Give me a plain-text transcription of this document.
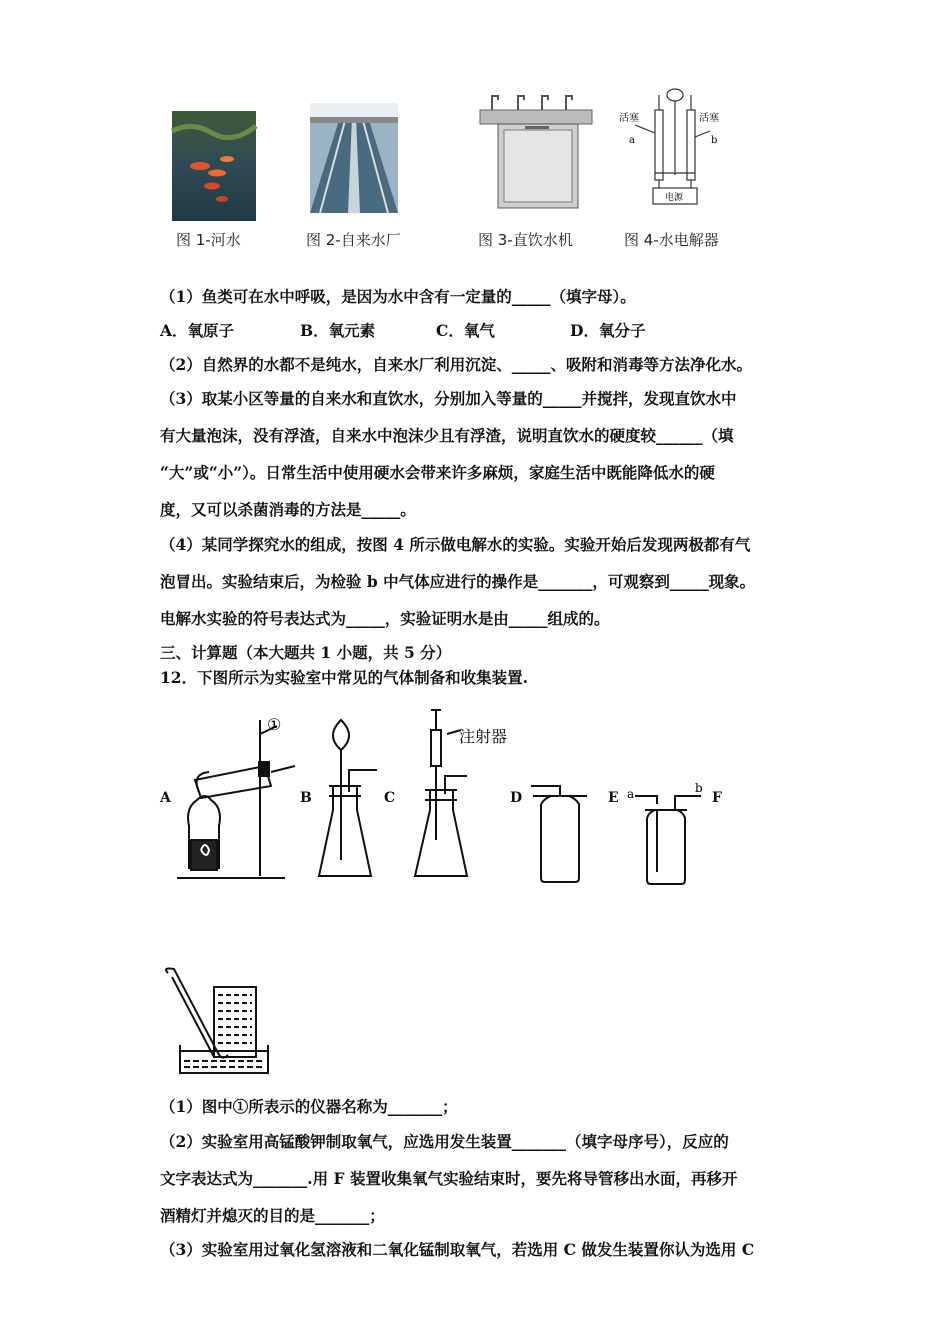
活塞	活塞
a	b
电源
图 1-河水	图 2-自来水厂	图 3-直饮水机	图 4-水电解器
（1）鱼类可在水中呼吸，是因为水中含有一定量的_____（填字母）。
A．氧原子	B．氧元素	C．氧气	D．氧分子
（2）自然界的水都不是纯水，自来水厂利用沉淀、_____、吸附和消毒等方法净化水。
（3）取某小区等量的自来水和直饮水，分别加入等量的_____并搅拌，发现直饮水中
有大量泡沫，没有浮渣，自来水中泡沫少且有浮渣，说明直饮水的硬度较______（填
“大”或“小”）。日常生活中使用硬水会带来许多麻烦，家庭生活中既能降低水的硬
度，又可以杀菌消毒的方法是_____。
（4）某同学探究水的组成，按图 4 所示做电解水的实验。实验开始后发现两极都有气
泡冒出。实验结束后，为检验 b 中气体应进行的操作是_______，可观察到_____现象。
电解水实验的符号表达式为_____，实验证明水是由_____组成的。
三、计算题（本大题共 1 小题，共 5 分）
12．下图所示为实验室中常见的气体制备和收集装置.
①
注射器
a	b
A	B	C	D	E	F
（1）图中①所表示的仪器名称为_______；
（2）实验室用高锰酸钾制取氧气，应选用发生装置_______（填字母序号），反应的
文字表达式为_______.用 F 装置收集氧气实验结束时，要先将导管移出水面，再移开
酒精灯并熄灭的目的是_______；
（3）实验室用过氧化氢溶液和二氧化锰制取氧气，若选用 C 做发生装置你认为选用 C
